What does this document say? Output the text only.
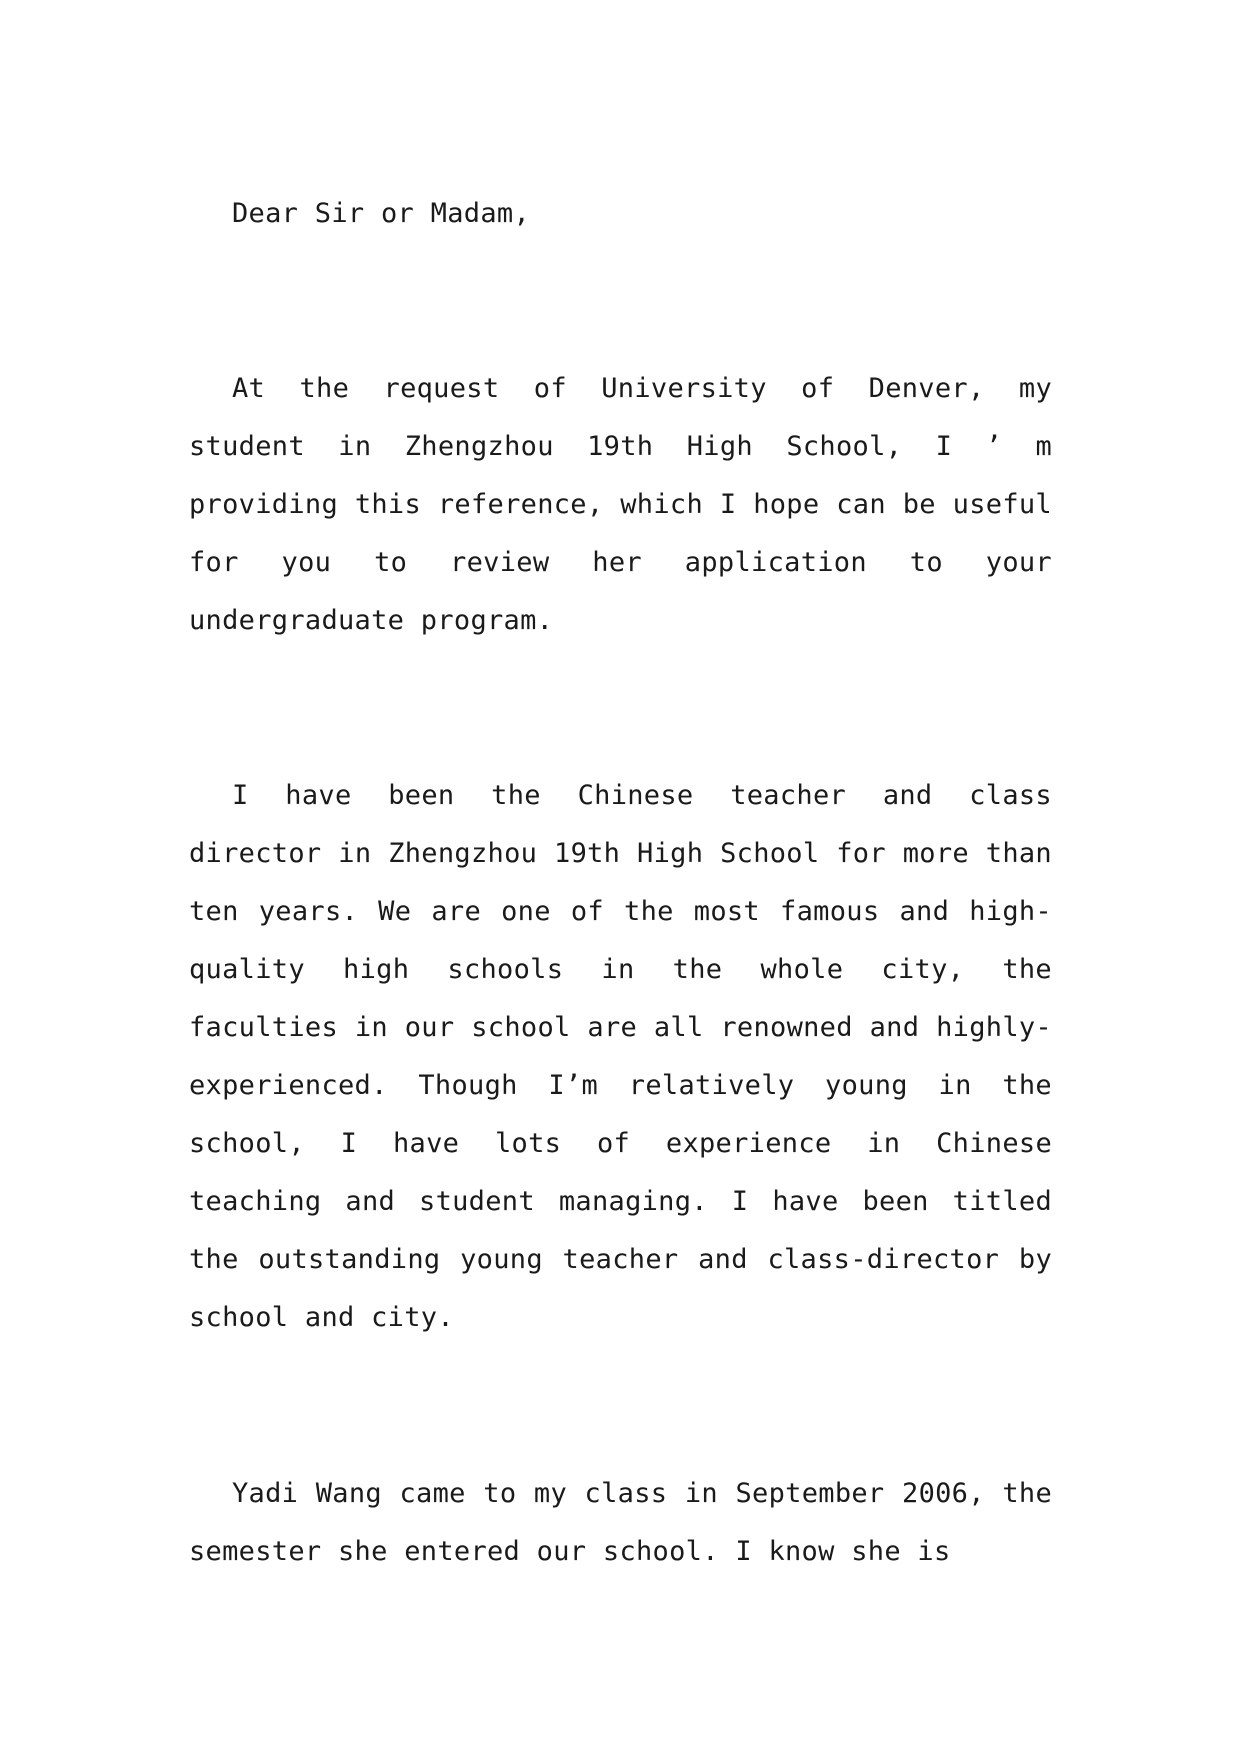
Dear Sir or Madam,

At the request of University of Denver, my student in Zhengzhou 19th High School, I ’ m providing this reference, which I hope can be useful for you to review her application to your undergraduate program.

I have been the Chinese teacher and class director in Zhengzhou 19th High School for more than ten years. We are one of the most famous and high-quality high schools in the whole city, the faculties in our school are all renowned and highly-experienced. Though I’m relatively young in the school, I have lots of experience in Chinese teaching and student managing. I have been titled the outstanding young teacher and class-director by school and city.

Yadi Wang came to my class in September 2006, the semester she entered our school. I know she is
